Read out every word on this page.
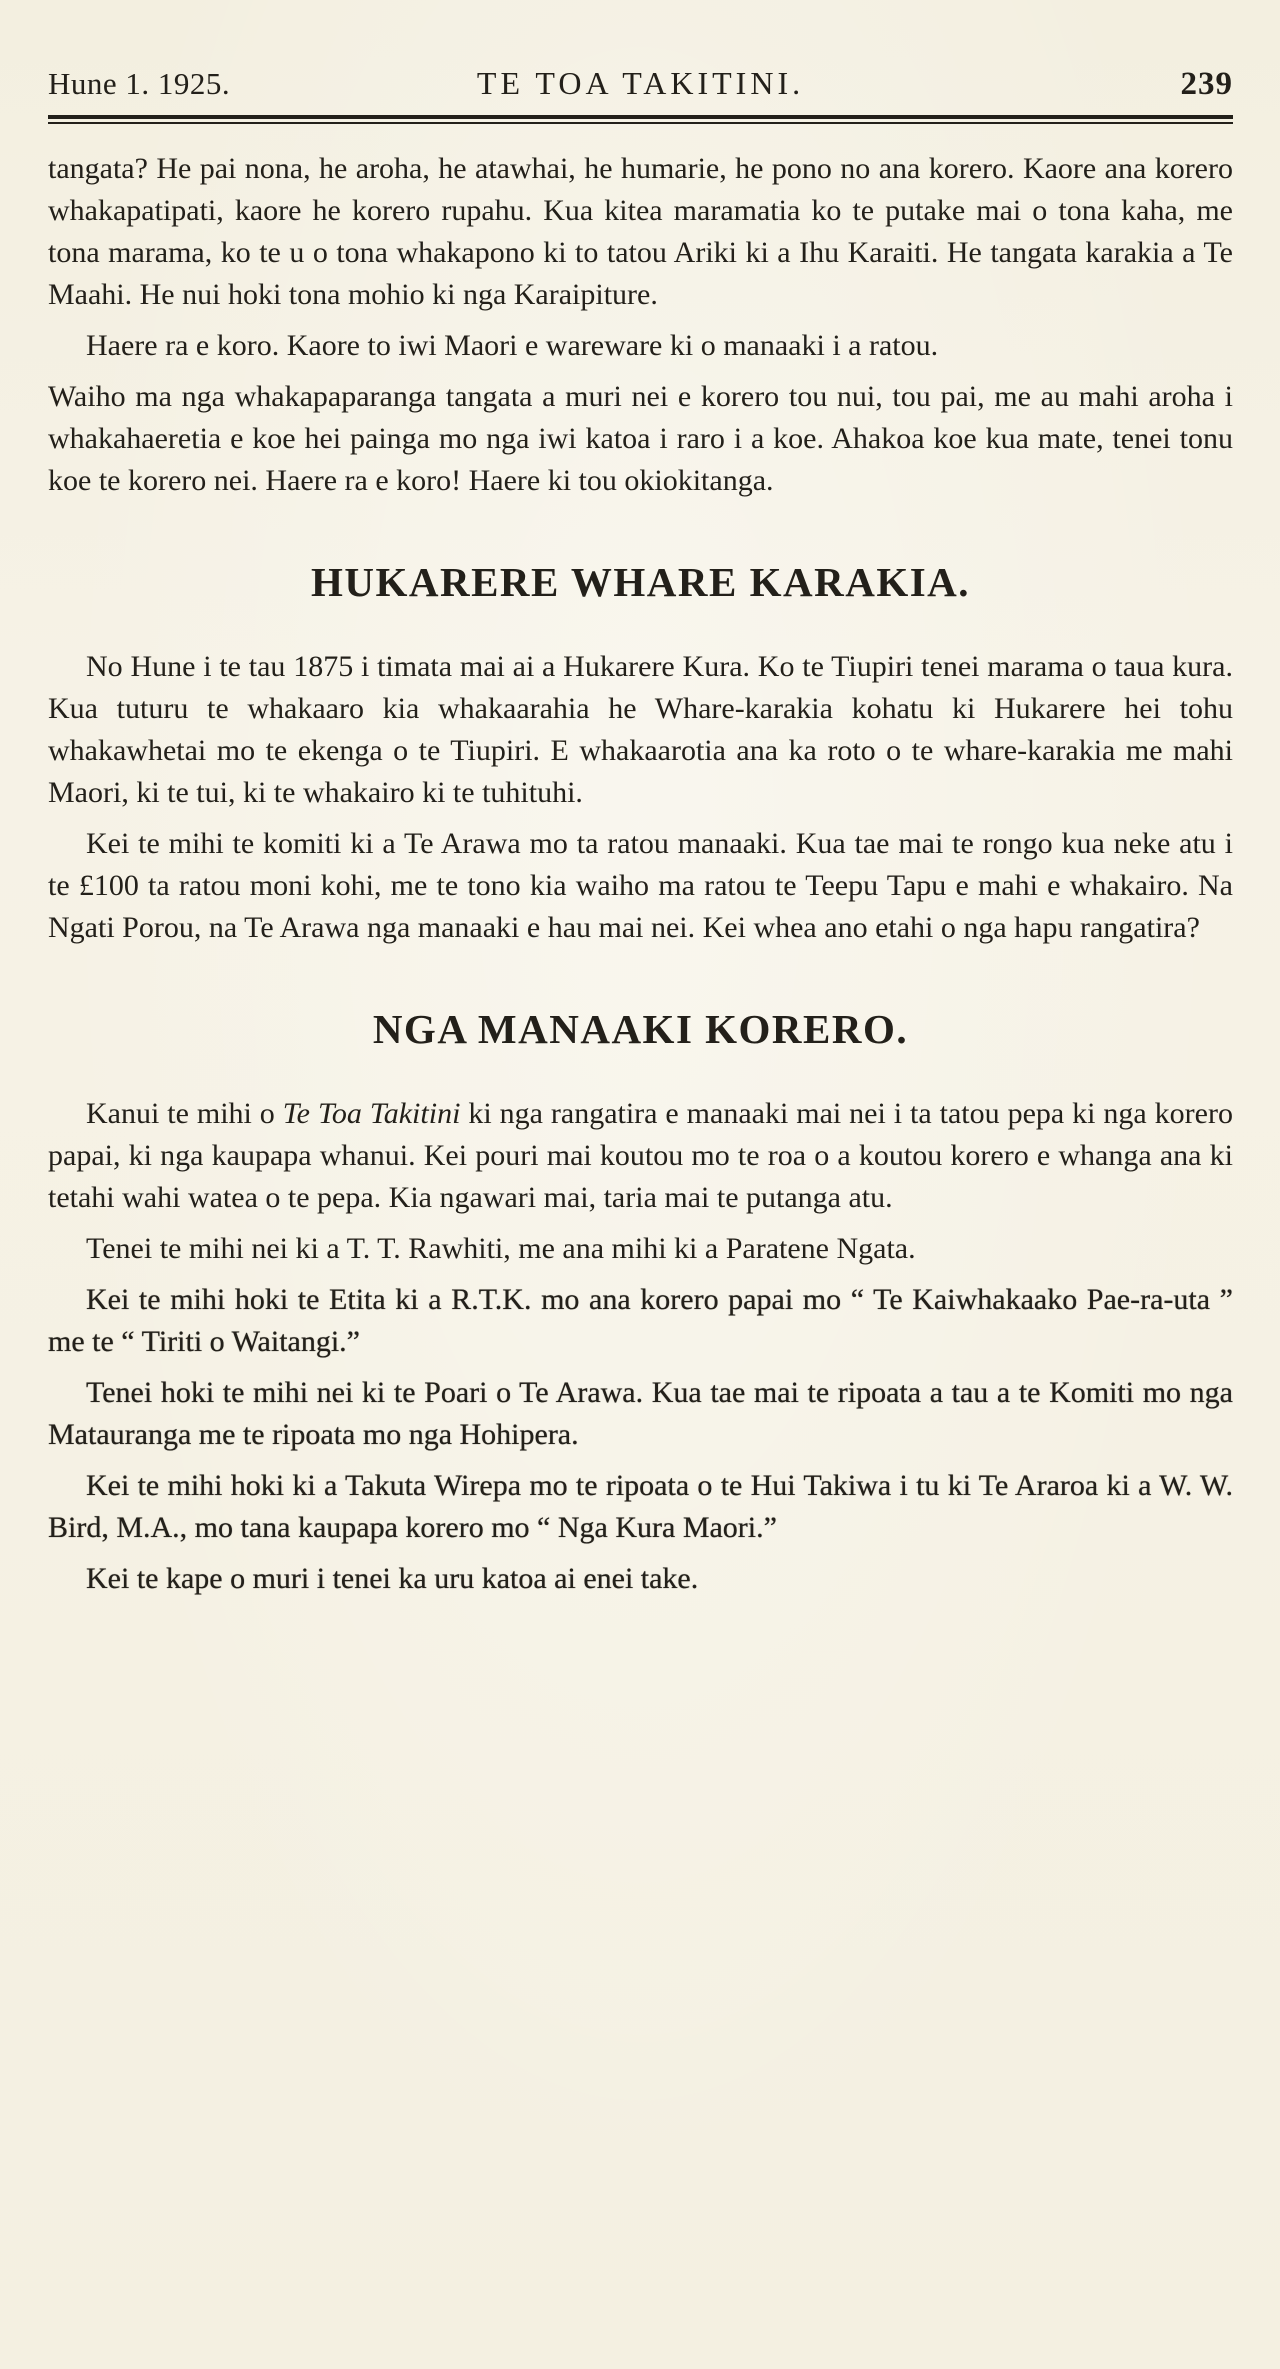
Hune 1. 1925.	TE TOA TAKITINI.	239

tangata? He pai nona, he aroha, he atawhai, he humarie, he pono no ana korero. Kaore ana korero whakapatipati, kaore he korero rupahu. Kua kitea maramatia ko te putake mai o tona kaha, me tona marama, ko te u o tona whakapono ki to tatou Ariki ki a Ihu Karaiti. He tangata karakia a Te Maahi. He nui hoki tona mohio ki nga Karaipiture.

Haere ra e koro. Kaore to iwi Maori e wareware ki o manaaki i a ratou.

Waiho ma nga whakapaparanga tangata a muri nei e korero tou nui, tou pai, me au mahi aroha i whakahaeretia e koe hei painga mo nga iwi katoa i raro i a koe. Ahakoa koe kua mate, tenei tonu koe te korero nei. Haere ra e koro! Haere ki tou okiokitanga.

HUKARERE WHARE KARAKIA.

No Hune i te tau 1875 i timata mai ai a Hukarere Kura. Ko te Tiupiri tenei marama o taua kura. Kua tuturu te whakaaro kia whakaarahia he Whare-karakia kohatu ki Hukarere hei tohu whakawhetai mo te ekenga o te Tiupiri. E whakaarotia ana ka roto o te whare-karakia me mahi Maori, ki te tui, ki te whakairo ki te tuhituhi.

Kei te mihi te komiti ki a Te Arawa mo ta ratou manaaki. Kua tae mai te rongo kua neke atu i te £100 ta ratou moni kohi, me te tono kia waiho ma ratou te Teepu Tapu e mahi e whakairo. Na Ngati Porou, na Te Arawa nga manaaki e hau mai nei. Kei whea ano etahi o nga hapu rangatira?

NGA MANAAKI KORERO.

Kanui te mihi o Te Toa Takitini ki nga rangatira e manaaki mai nei i ta tatou pepa ki nga korero papai, ki nga kaupapa whanui. Kei pouri mai koutou mo te roa o a koutou korero e whanga ana ki tetahi wahi watea o te pepa. Kia ngawari mai, taria mai te putanga atu.

Tenei te mihi nei ki a T. T. Rawhiti, me ana mihi ki a Paratene Ngata.

Kei te mihi hoki te Etita ki a R.T.K. mo ana korero papai mo “ Te Kaiwhakaako Pae-ra-uta ” me te “ Tiriti o Waitangi.”

Tenei hoki te mihi nei ki te Poari o Te Arawa. Kua tae mai te ripoata a tau a te Komiti mo nga Matauranga me te ripoata mo nga Hohipera.

Kei te mihi hoki ki a Takuta Wirepa mo te ripoata o te Hui Takiwa i tu ki Te Araroa ki a W. W. Bird, M.A., mo tana kaupapa korero mo “ Nga Kura Maori.”

Kei te kape o muri i tenei ka uru katoa ai enei take.
